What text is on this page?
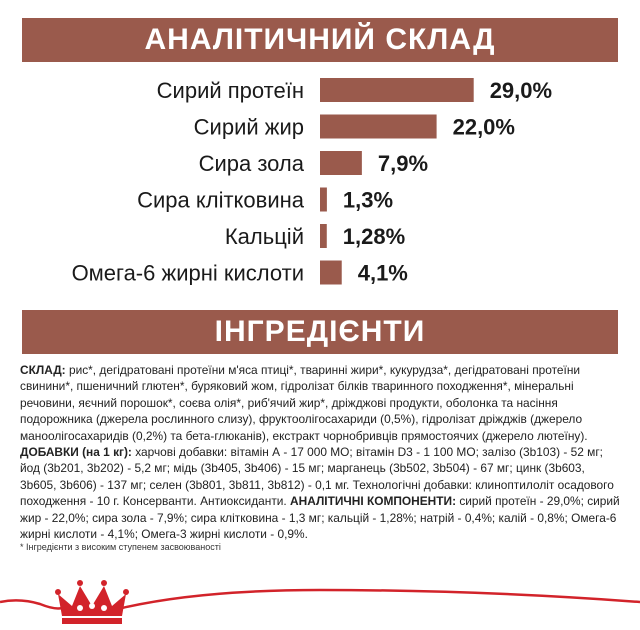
АНАЛІТИЧНИЙ СКЛАД
Сирий протеїн	29,0%
Сирий жир	22,0%
Сира зола	7,9%
Сира клітковина 1,3%
Кальцій 1,28%
Омега-6 жирні кислоти 4,1%
ІНГРЕДІЄНТИ
СКЛАД: рис*, дегідратовані протеїни м'яса птиці*, тваринні жири*, кукурудза*, дегідратовані протеїни свинини*, пшеничний глютен*, буряковий жом, гідролізат білків тваринного походження*, мінеральні речовини, яєчний порошок*, соєва олія*, риб'ячий жир*, дріжджові продукти, оболонка та насіння подорожника (джерела рослинного слизу), фруктоолігосахариди (0,5%), гідролізат дріжджів (джерело маноолігосахаридів (0,2%) та бета-глюканів), екстракт чорнобривців прямостоячих (джерело лютеїну). ДОБАВКИ (на 1 кг): харчові добавки: вітамін А - 17 000 МО; вітамін D3 - 1 100 МО; залізо (3b103) - 52 мг; йод (3b201, 3b202) - 5,2 мг; мідь (3b405, 3b406) - 15 мг; марганець (3b502, 3b504) - 67 мг; цинк (3b603, 3b605, 3b606) - 137 мг; селен (3b801, 3b811, 3b812) - 0,1 мг. Технологічні добавки: клиноптилоліт осадового походження - 10 г. Консерванти. Антиоксиданти. АНАЛІТИЧНІ КОМПОНЕНТИ: сирий протеїн - 29,0%; сирий жир - 22,0%; сира зола - 7,9%; сира клітковина - 1,3 мг; кальцій - 1,28%; натрій - 0,4%; калій - 0,8%; Омега-6 жирні кислоти - 4,1%; Омега-3 жирні кислоти - 0,9%.
* Інгредієнти з високим ступенем засвоюваності
